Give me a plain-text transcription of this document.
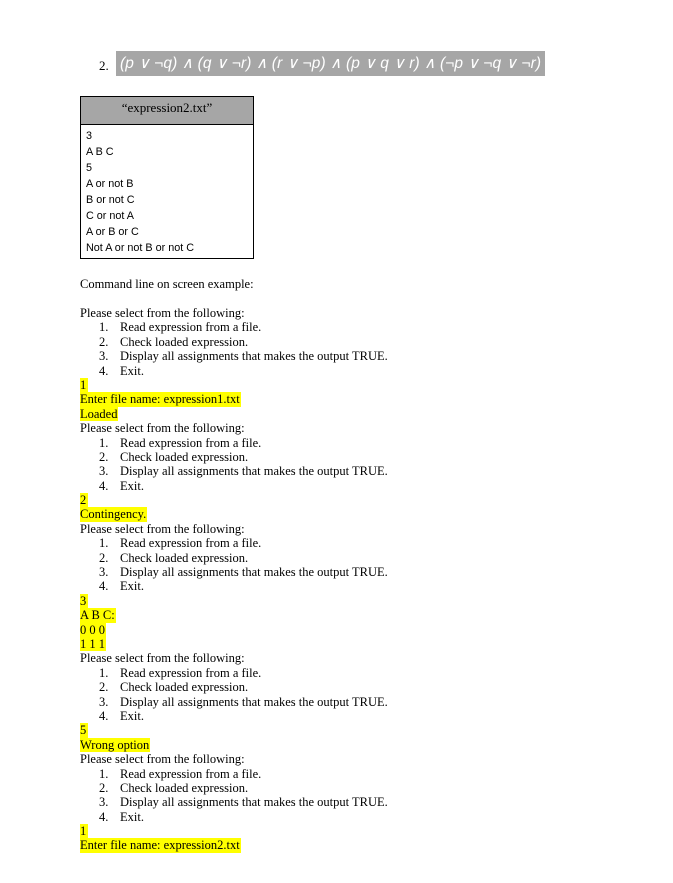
2. (p ∨ ¬q) ∧ (q ∨ ¬r) ∧ (r ∨ ¬p) ∧ (p ∨ q ∨ r) ∧ (¬p ∨ ¬q ∨ ¬r)
“expression2.txt”
3
A B C
5
A or not B
B or not C
C or not A
A or B or C
Not A or not B or not C
Command line on screen example:
Please select from the following:
1. Read expression from a file.
2. Check loaded expression.
3. Display all assignments that makes the output TRUE.
4. Exit.
1
Enter file name: expression1.txt
Loaded
Please select from the following:
1. Read expression from a file.
2. Check loaded expression.
3. Display all assignments that makes the output TRUE.
4. Exit.
2
Contingency.
Please select from the following:
1. Read expression from a file.
2. Check loaded expression.
3. Display all assignments that makes the output TRUE.
4. Exit.
3
A B C:
0 0 0
1 1 1
Please select from the following:
1. Read expression from a file.
2. Check loaded expression.
3. Display all assignments that makes the output TRUE.
4. Exit.
5
Wrong option
Please select from the following:
1. Read expression from a file.
2. Check loaded expression.
3. Display all assignments that makes the output TRUE.
4. Exit.
1
Enter file name: expression2.txt
